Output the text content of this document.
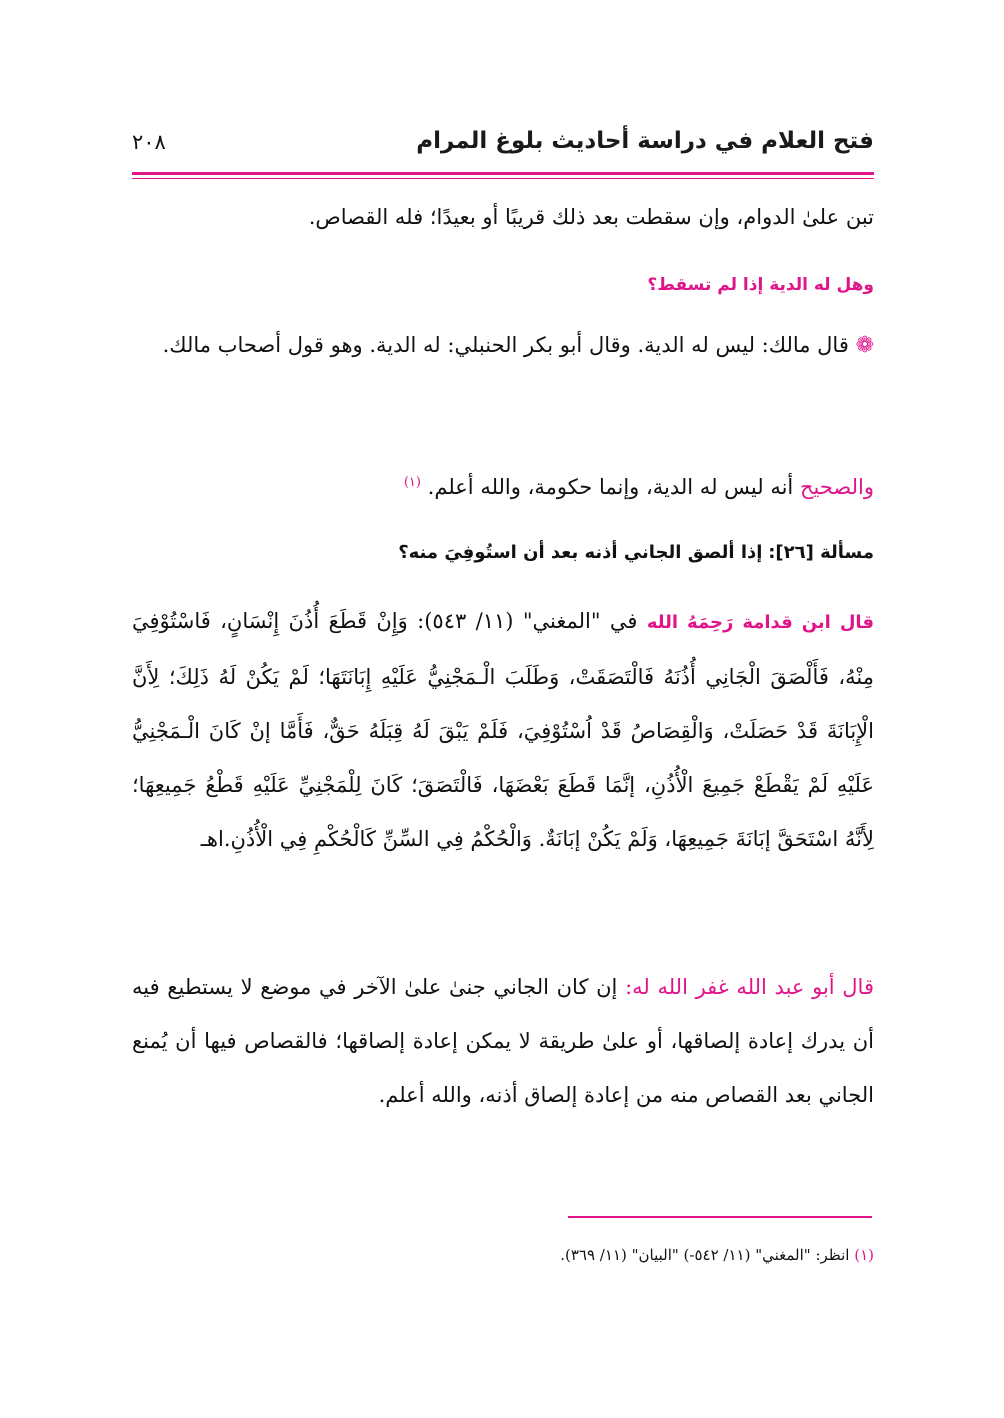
فتح العلام في دراسة أحاديث بلوغ المرام
٢٠٨
تبن علىٰ الدوام، وإن سقطت بعد ذلك قريبًا أو بعيدًا؛ فله القصاص.
وهل له الدية إذا لم تسقط؟
❁ قال مالك: ليس له الدية. وقال أبو بكر الحنبلي: له الدية. وهو قول أصحاب مالك.
والصحيح أنه ليس له الدية، وإنما حكومة، والله أعلم. $^{(١)}$
مسألة [٢٦]: إذا ألصق الجاني أذنه بعد أن استُوفِيَ منه؟
قال ابن قدامة رَحِمَهُ الله في "المغني" (١١/ ٥٤٣): وَإِنْ قَطَعَ أُذُنَ إِنْسَانٍ، فَاسْتُوْفِيَ مِنْهُ، فَأَلْصَقَ الْجَانِي أُذُنَهُ فَالْتَصَقَتْ، وَطَلَبَ الْـمَجْنِيُّ عَلَيْهِ إِبَانَتَهَا؛ لَمْ يَكُنْ لَهُ ذَلِكَ؛ لِأَنَّ الْإِبَانَةَ قَدْ حَصَلَتْ، وَالْقِصَاصُ قَدْ اُسْتُوْفِيَ، فَلَمْ يَبْقَ لَهُ قِبَلَهُ حَقٌّ، فَأَمَّا إنْ كَانَ الْـمَجْنِيُّ عَلَيْهِ لَمْ يَقْطَعْ جَمِيعَ الْأُذُنِ، إنَّمَا قَطَعَ بَعْضَهَا، فَالْتَصَقَ؛ كَانَ لِلْمَجْنِيِّ عَلَيْهِ قَطْعُ جَمِيعِهَا؛ لِأَنَّهُ اسْتَحَقَّ إبَانَةَ جَمِيعِهَا، وَلَمْ يَكُنْ إبَانَةٌ. وَالْحُكْمُ فِي السِّنِّ كَالْحُكْمِ فِي الْأُذُنِ.اهـ
قال أبو عبد الله غفر الله له: إن كان الجاني جنىٰ علىٰ الآخر في موضع لا يستطيع فيه أن يدرك إعادة إلصاقها، أو علىٰ طريقة لا يمكن إعادة إلصاقها؛ فالقصاص فيها أن يُمنع الجاني بعد القصاص منه من إعادة إلصاق أذنه، والله أعلم.
(١) انظر: "المغني" (١١/ ٥٤٢-) "البيان" (١١/ ٣٦٩).
